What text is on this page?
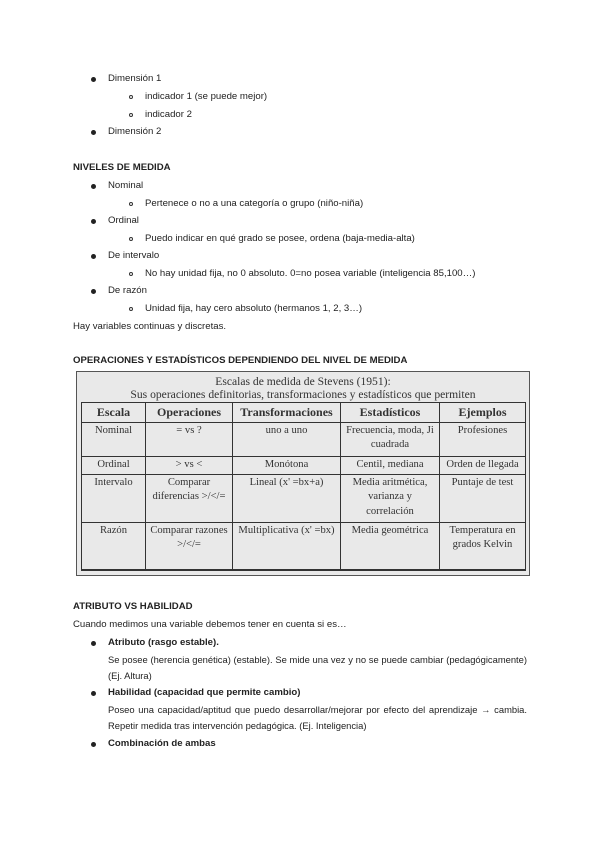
Dimensión 1
indicador 1 (se puede mejor)
indicador 2
Dimensión 2
NIVELES DE MEDIDA
Nominal
Pertenece o no a una categoría o grupo (niño-niña)
Ordinal
Puedo indicar en qué grado se posee, ordena (baja-media-alta)
De intervalo
No hay unidad fija, no 0 absoluto. 0=no posea variable (inteligencia 85,100…)
De razón
Unidad fija, hay cero absoluto (hermanos 1, 2, 3…)
Hay variables continuas y discretas.
OPERACIONES Y ESTADÍSTICOS DEPENDIENDO DEL NIVEL DE MEDIDA
Escalas de medida de Stevens (1951):
Sus operaciones definitorias, transformaciones y estadísticos que permiten
Escala	Operaciones	Transformaciones	Estadísticos	Ejemplos
Nominal	= vs ?	uno a uno	Frecuencia, moda, Ji cuadrada	Profesiones
Ordinal	> vs <	Monótona	Centil, mediana	Orden de llegada
Intervalo	Comparar diferencias >/</=	Lineal (x' =bx+a)	Media aritmética, varianza y correlación	Puntaje de test
Razón	Comparar razones >/</=	Multiplicativa (x' =bx)	Media geométrica	Temperatura en grados Kelvin
ATRIBUTO VS HABILIDAD
Cuando medimos una variable debemos tener en cuenta si es…
Atributo (rasgo estable).
Se posee (herencia genética) (estable). Se mide una vez y no se puede cambiar (pedagógicamente) (Ej. Altura)
Habilidad (capacidad que permite cambio)
Poseo una capacidad/aptitud que puedo desarrollar/mejorar por efecto del aprendizaje → cambia. Repetir medida tras intervención pedagógica. (Ej. Inteligencia)
Combinación de ambas
